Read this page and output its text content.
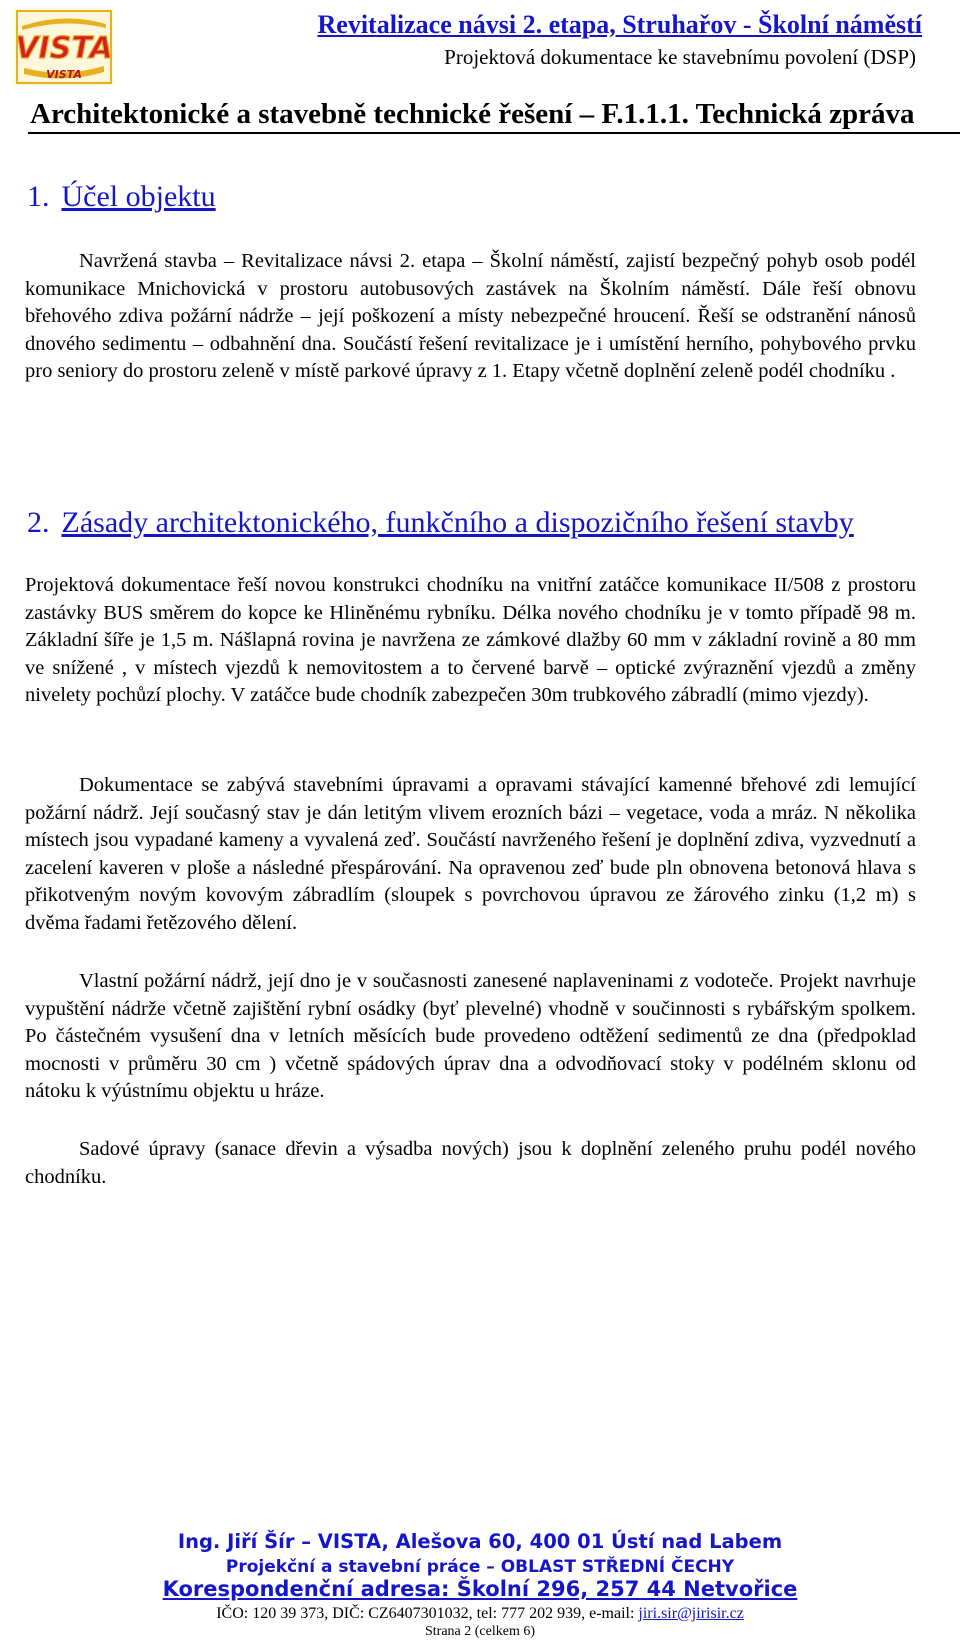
VISTA
VISTA
Revitalizace návsi 2. etapa, Struhařov - Školní náměstí
Projektová dokumentace ke stavebnímu povolení (DSP)
Architektonické a stavebně technické řešení – F.1.1.1. Technická zpráva
1. Účel objektu
Navržená stavba – Revitalizace návsi 2. etapa – Školní náměstí, zajistí bezpečný pohyb osob podél komunikace Mnichovická v prostoru autobusových zastávek na Školním náměstí. Dále řeší obnovu břehového zdiva požární nádrže – její poškození a místy nebezpečné hroucení. Řeší se odstranění nánosů dnového sedimentu – odbahnění dna. Součástí řešení revitalizace je i umístění herního, pohybového prvku pro seniory do prostoru zeleně v místě parkové úpravy z 1. Etapy včetně doplnění zeleně podél chodníku .
2. Zásady architektonického, funkčního a dispozičního řešení stavby
Projektová dokumentace řeší novou konstrukci chodníku na vnitřní zatáčce komunikace II/508 z prostoru zastávky BUS směrem do kopce ke Hliněnému rybníku. Délka nového chodníku je v tomto případě 98 m. Základní šíře je 1,5 m. Nášlapná rovina je navržena ze zámkové dlažby 60 mm v základní rovině a 80 mm ve snížené , v místech vjezdů k nemovitostem a to červené barvě – optické zvýraznění vjezdů a změny nivelety pochůzí plochy. V zatáčce bude chodník zabezpečen 30m trubkového zábradlí (mimo vjezdy).
Dokumentace se zabývá stavebními úpravami a opravami stávající kamenné břehové zdi lemující požární nádrž. Její současný stav je dán letitým vlivem erozních bázi – vegetace, voda a mráz. N několika místech jsou vypadané kameny a vyvalená zeď. Součástí navrženého řešení je doplnění zdiva, vyzvednutí a zacelení kaveren v ploše a následné přespárování. Na opravenou zeď bude pln obnovena betonová hlava s přikotveným novým kovovým zábradlím (sloupek s povrchovou úpravou ze žárového zinku (1,2 m) s dvěma řadami řetězového dělení.
Vlastní požární nádrž, její dno je v současnosti zanesené naplaveninami z vodoteče. Projekt navrhuje vypuštění nádrže včetně zajištění rybní osádky (byť plevelné) vhodně v součinnosti s rybářským spolkem. Po částečném vysušení dna v letních měsících bude provedeno odtěžení sedimentů ze dna (předpoklad mocnosti v průměru 30 cm ) včetně spádových úprav dna a odvodňovací stoky v podélném sklonu od nátoku k výústnímu objektu u hráze.
Sadové úpravy (sanace dřevin a výsadba nových) jsou k doplnění zeleného pruhu podél nového chodníku.
Ing. Jiří Šír – VISTA, Alešova 60, 400 01 Ústí nad Labem
Projekční a stavební práce – OBLAST STŘEDNÍ ČECHY
Korespondenční adresa: Školní 296, 257 44 Netvořice
IČO: 120 39 373, DIČ: CZ6407301032, tel: 777 202 939, e-mail: jiri.sir@jirisir.cz
Strana 2 (celkem 6)
